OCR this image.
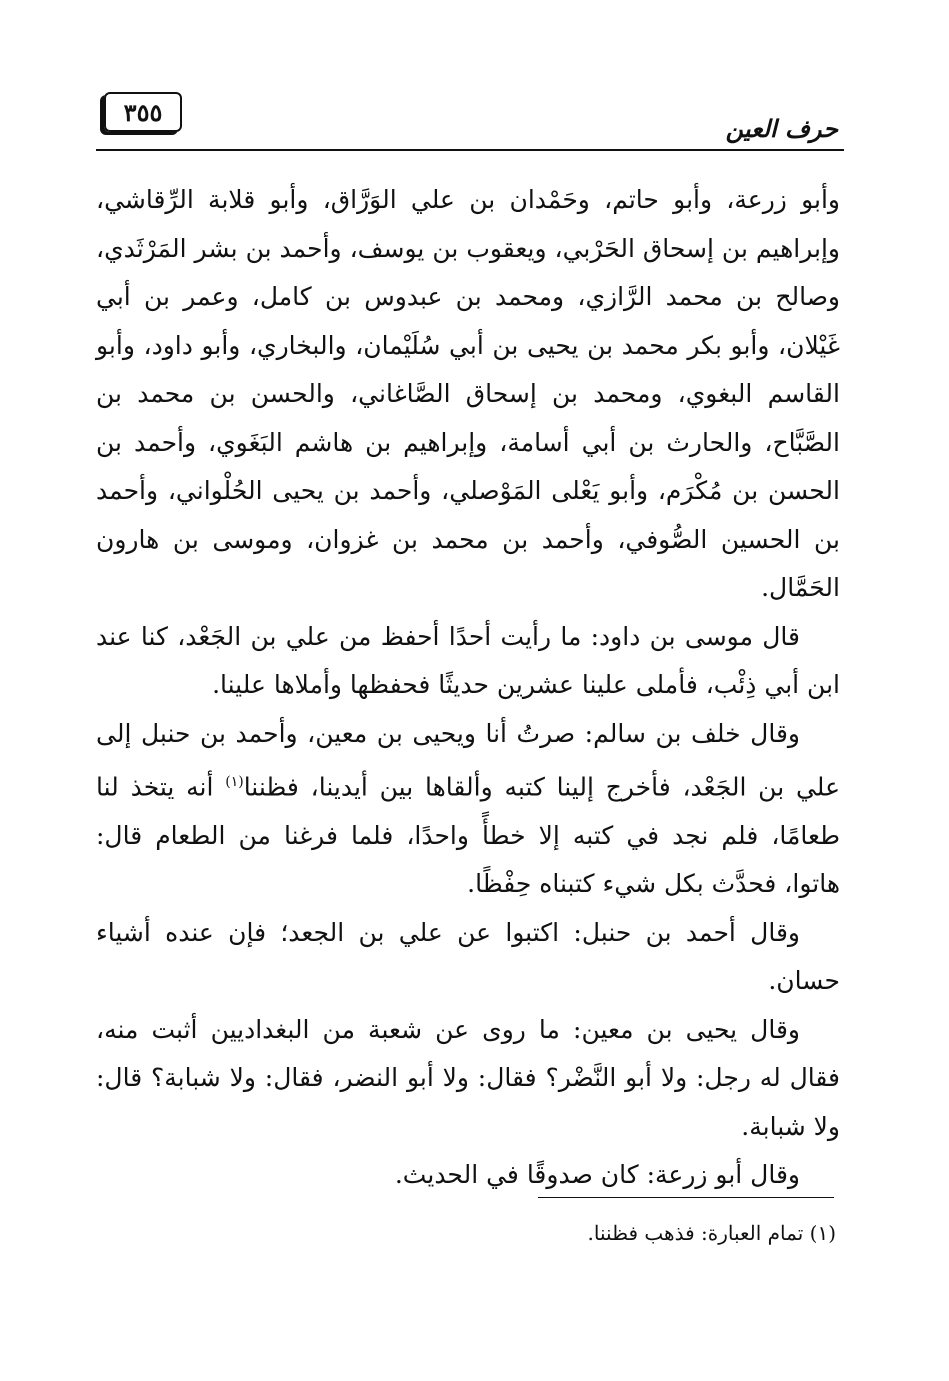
حرف العين
٣٥٥

وأبو زرعة، وأبو حاتم، وحَمْدان بن علي الوَرَّاق، وأبو قلابة الرِّقاشي، وإبراهيم بن إسحاق الحَرْبي، ويعقوب بن يوسف، وأحمد بن بشر المَرْثَدي، وصالح بن محمد الرَّازي، ومحمد بن عبدوس بن كامل، وعمر بن أبي غَيْلان، وأبو بكر محمد بن يحيى بن أبي سُلَيْمان، والبخاري، وأبو داود، وأبو القاسم البغوي، ومحمد بن إسحاق الصَّاغاني، والحسن بن محمد بن الصَّبَّاح، والحارث بن أبي أسامة، وإبراهيم بن هاشم البَغَوي، وأحمد بن الحسن بن مُكْرَم، وأبو يَعْلى المَوْصلي، وأحمد بن يحيى الحُلْواني، وأحمد بن الحسين الصُّوفي، وأحمد بن محمد بن غزوان، وموسى بن هارون الحَمَّال.

قال موسى بن داود: ما رأيت أحدًا أحفظ من علي بن الجَعْد، كنا عند ابن أبي ذِئْب، فأملى علينا عشرين حديثًا فحفظها وأملاها علينا.

وقال خلف بن سالم: صرتُ أنا ويحيى بن معين، وأحمد بن حنبل إلى علي بن الجَعْد، فأخرج إلينا كتبه وألقاها بين أيدينا، فظننا$^{(١)}$ أنه يتخذ لنا طعامًا، فلم نجد في كتبه إلا خطأً واحدًا، فلما فرغنا من الطعام قال: هاتوا، فحدَّث بكل شيء كتبناه حِفْظًا.

وقال أحمد بن حنبل: اكتبوا عن علي بن الجعد؛ فإن عنده أشياء حسان.

وقال يحيى بن معين: ما روى عن شعبة من البغداديين أثبت منه، فقال له رجل: ولا أبو النَّضْر؟ فقال: ولا أبو النضر، فقال: ولا شبابة؟ قال: ولا شبابة.

وقال أبو زرعة: كان صدوقًا في الحديث.

(١) تمام العبارة: فذهب فظننا.
